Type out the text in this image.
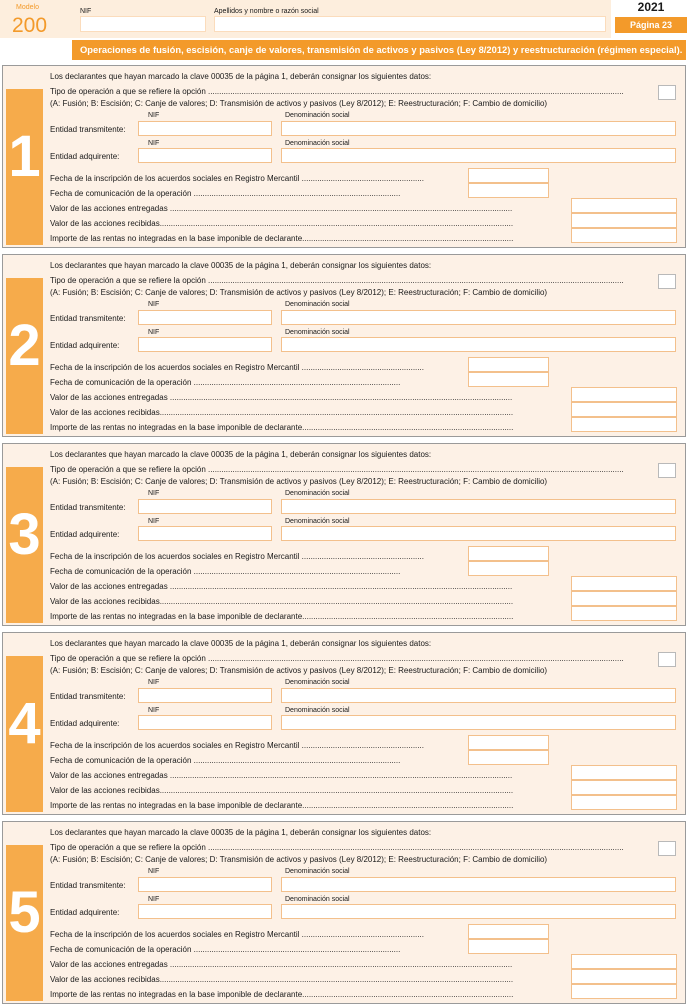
Modelo
200
NIF	Apellidos y nombre o razón social	2021
Página 23
Operaciones de fusión, escisión, canje de valores, transmisión de activos y pasivos (Ley 8/2012) y reestructuración (régimen especial).
1
Los declarantes que hayan marcado la clave 00035 de la página 1, deberán consignar los siguientes datos:
Tipo de operación a que se refiere la opción ...........................................................................................................................................................................................
(A: Fusión; B: Escisión; C: Canje de valores; D: Transmisión de activos y pasivos (Ley 8/2012); E: Reestructuración; F: Cambio de domicilio)
NIF	Denominación social
Entidad transmitente:
NIF	Denominación social
Entidad adquirente:
Fecha de la inscripción de los acuerdos sociales en Registro Mercantil .......................................................
Fecha de comunicación de la operación .............................................................................................
Valor de las acciones entregadas ..........................................................................................................................................................
Valor de las acciones recibidas...............................................................................................................................................................
Importe de las rentas no integradas en la base imponible de declarante...............................................................................................
2
Los declarantes que hayan marcado la clave 00035 de la página 1, deberán consignar los siguientes datos:
Tipo de operación a que se refiere la opción ...........................................................................................................................................................................................
(A: Fusión; B: Escisión; C: Canje de valores; D: Transmisión de activos y pasivos (Ley 8/2012); E: Reestructuración; F: Cambio de domicilio)
NIF	Denominación social
Entidad transmitente:
NIF	Denominación social
Entidad adquirente:
Fecha de la inscripción de los acuerdos sociales en Registro Mercantil .......................................................
Fecha de comunicación de la operación .............................................................................................
Valor de las acciones entregadas ..........................................................................................................................................................
Valor de las acciones recibidas...............................................................................................................................................................
Importe de las rentas no integradas en la base imponible de declarante...............................................................................................
3
Los declarantes que hayan marcado la clave 00035 de la página 1, deberán consignar los siguientes datos:
Tipo de operación a que se refiere la opción ...........................................................................................................................................................................................
(A: Fusión; B: Escisión; C: Canje de valores; D: Transmisión de activos y pasivos (Ley 8/2012); E: Reestructuración; F: Cambio de domicilio)
NIF	Denominación social
Entidad transmitente:
NIF	Denominación social
Entidad adquirente:
Fecha de la inscripción de los acuerdos sociales en Registro Mercantil .......................................................
Fecha de comunicación de la operación .............................................................................................
Valor de las acciones entregadas ..........................................................................................................................................................
Valor de las acciones recibidas...............................................................................................................................................................
Importe de las rentas no integradas en la base imponible de declarante...............................................................................................
4
Los declarantes que hayan marcado la clave 00035 de la página 1, deberán consignar los siguientes datos:
Tipo de operación a que se refiere la opción ...........................................................................................................................................................................................
(A: Fusión; B: Escisión; C: Canje de valores; D: Transmisión de activos y pasivos (Ley 8/2012); E: Reestructuración; F: Cambio de domicilio)
NIF	Denominación social
Entidad transmitente:
NIF	Denominación social
Entidad adquirente:
Fecha de la inscripción de los acuerdos sociales en Registro Mercantil .......................................................
Fecha de comunicación de la operación .............................................................................................
Valor de las acciones entregadas ..........................................................................................................................................................
Valor de las acciones recibidas...............................................................................................................................................................
Importe de las rentas no integradas en la base imponible de declarante...............................................................................................
5
Los declarantes que hayan marcado la clave 00035 de la página 1, deberán consignar los siguientes datos:
Tipo de operación a que se refiere la opción ...........................................................................................................................................................................................
(A: Fusión; B: Escisión; C: Canje de valores; D: Transmisión de activos y pasivos (Ley 8/2012); E: Reestructuración; F: Cambio de domicilio)
NIF	Denominación social
Entidad transmitente:
NIF	Denominación social
Entidad adquirente:
Fecha de la inscripción de los acuerdos sociales en Registro Mercantil .......................................................
Fecha de comunicación de la operación .............................................................................................
Valor de las acciones entregadas ..........................................................................................................................................................
Valor de las acciones recibidas...............................................................................................................................................................
Importe de las rentas no integradas en la base imponible de declarante...............................................................................................
